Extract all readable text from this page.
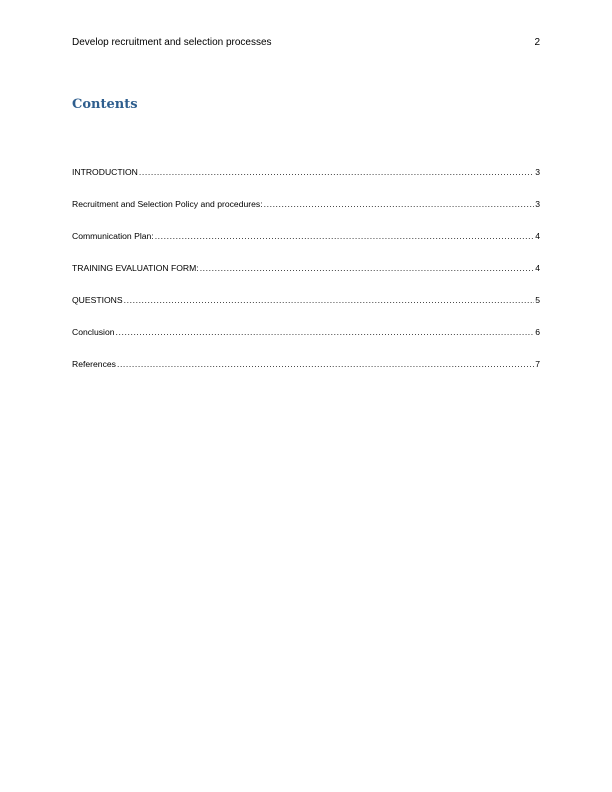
Develop recruitment and selection processes	2
Contents
INTRODUCTION .....	3
Recruitment and Selection Policy and procedures: .....	3
Communication Plan: .....	4
TRAINING EVALUATION FORM: .....	4
QUESTIONS .....	5
Conclusion .....	6
References .....	7
